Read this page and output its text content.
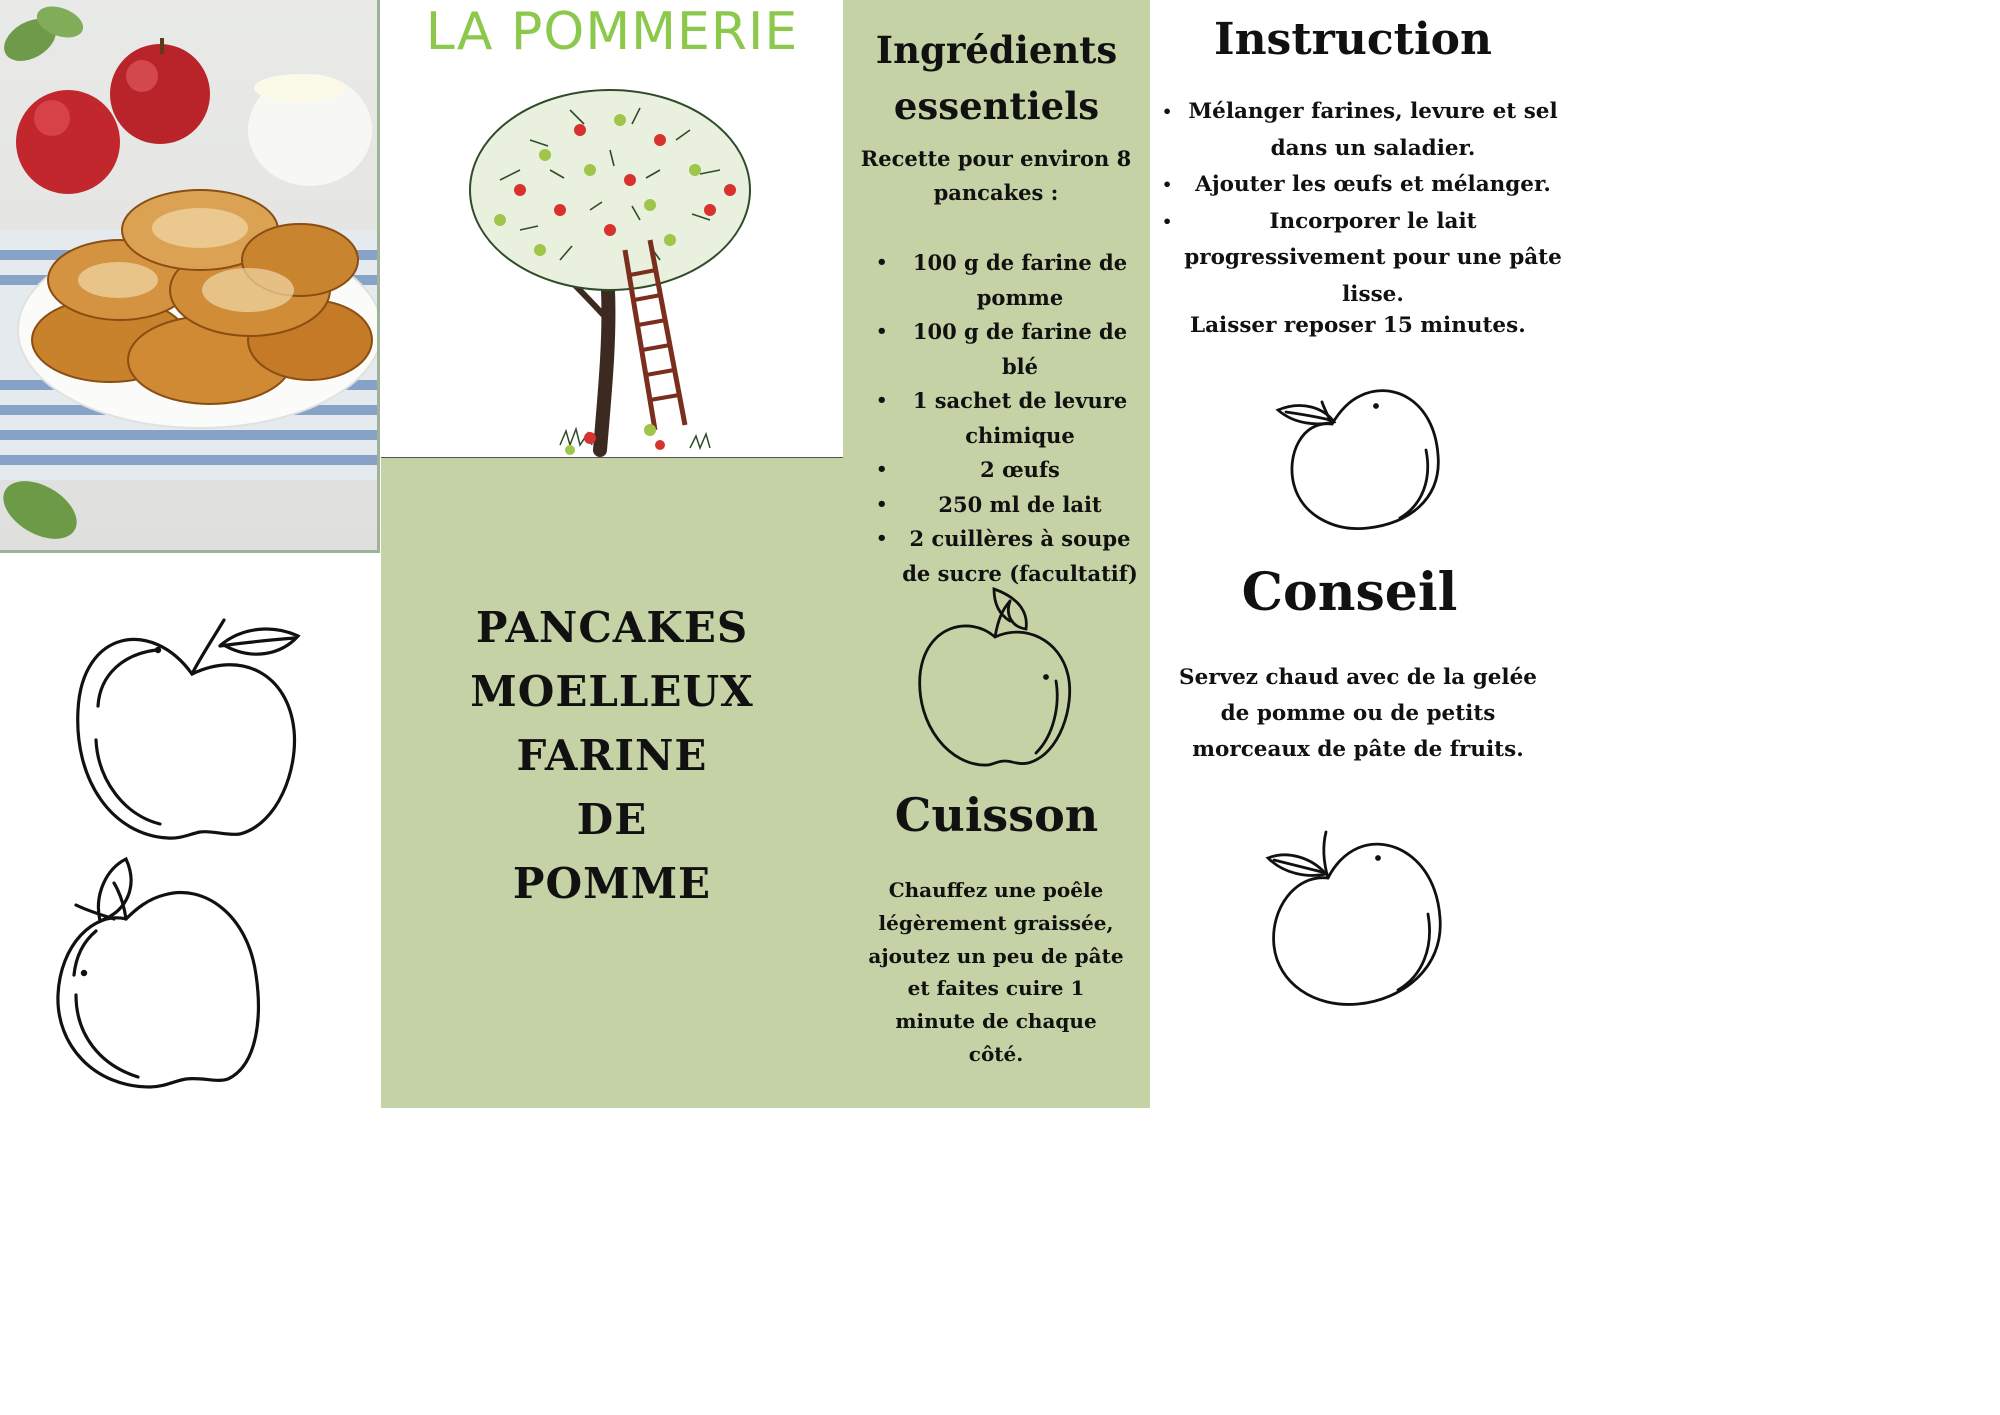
LA POMMERIE
PANCAKES
MOELLEUX
FARINE
DE
POMME
Ingrédients
essentiels
Recette pour environ 8 pancakes :
• 100 g de farine de pomme
• 100 g de farine de blé
• 1 sachet de levure chimique
• 2 œufs
• 250 ml de lait
• 2 cuillères à soupe de sucre (facultatif)
Cuisson
Chauffez une poêle légèrement graissée, ajoutez un peu de pâte et faites cuire 1 minute de chaque côté.
Instruction
• Mélanger farines, levure et sel dans un saladier.
• Ajouter les œufs et mélanger.
• Incorporer le lait progressivement pour une pâte lisse.
Laisser reposer 15 minutes.
Conseil
Servez chaud avec de la gelée de pomme ou de petits morceaux de pâte de fruits.
